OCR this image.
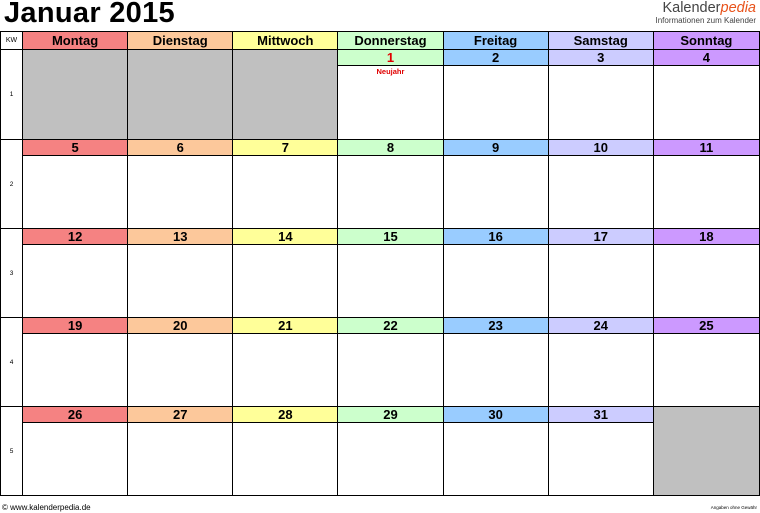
Januar 2015	Kalenderpedia
Informationen zum Kalender
KW	Montag	Dienstag	Mittwoch	Donnerstag	Freitag	Samstag	Sonntag
1				1	2	3	4

				Neujahr			

2	5	6	7	8	9	10	11

3	12	13	14	15	16	17	18

4	19	20	21	22	23	24	25

5	26	27	28	29	30	31	

© www.kalenderpedia.de	Angaben ohne Gewähr
